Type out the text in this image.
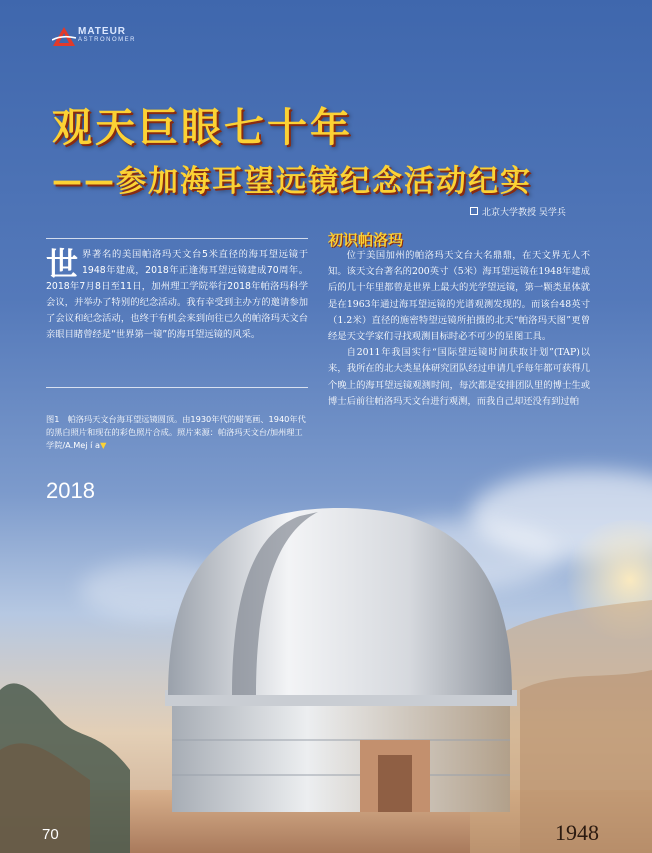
MATEUR
ASTRONOMER
观天巨眼七十年
——参加海耳望远镜纪念活动纪实
北京大学教授 吴学兵
世界著名的美国帕洛玛天文台5米直径的海耳望远镜于1948年建成，2018年正逢海耳望远镜建成70周年。2018年7月8日至11日，加州理工学院举行2018年帕洛玛科学会议，并举办了特别的纪念活动。我有幸受到主办方的邀请参加了会议和纪念活动，也终于有机会来到向往已久的帕洛玛天文台亲眼目睹曾经是“世界第一镜”的海耳望远镜的风采。
图1　帕洛玛天文台海耳望远镜圆顶。由1930年代的蜡笔画、1940年代的黑白照片和现在的彩色照片合成。照片来源：帕洛玛天文台/加州理工学院/A.Mej í a▼
初识帕洛玛

位于美国加州的帕洛玛天文台大名鼎鼎，在天文界无人不知。该天文台著名的200英寸（5米）海耳望远镜在1948年建成后的几十年里都曾是世界上最大的光学望远镜，第一颗类星体就是在1963年通过海耳望远镜的光谱观测发现的。而该台48英寸（1.2米）直径的施密特望远镜所拍摄的北天“帕洛玛天图”更曾经是天文学家们寻找观测目标时必不可少的星图工具。

自2011年我国实行“国际望远镜时间获取计划”(TAP)以来，我所在的北大类星体研究团队经过申请几乎每年都可获得几个晚上的海耳望远镜观测时间，每次都是安排团队里的博士生或博士后前往帕洛玛天文台进行观测，而我自己却还没有到过帕

2018
1948
70
